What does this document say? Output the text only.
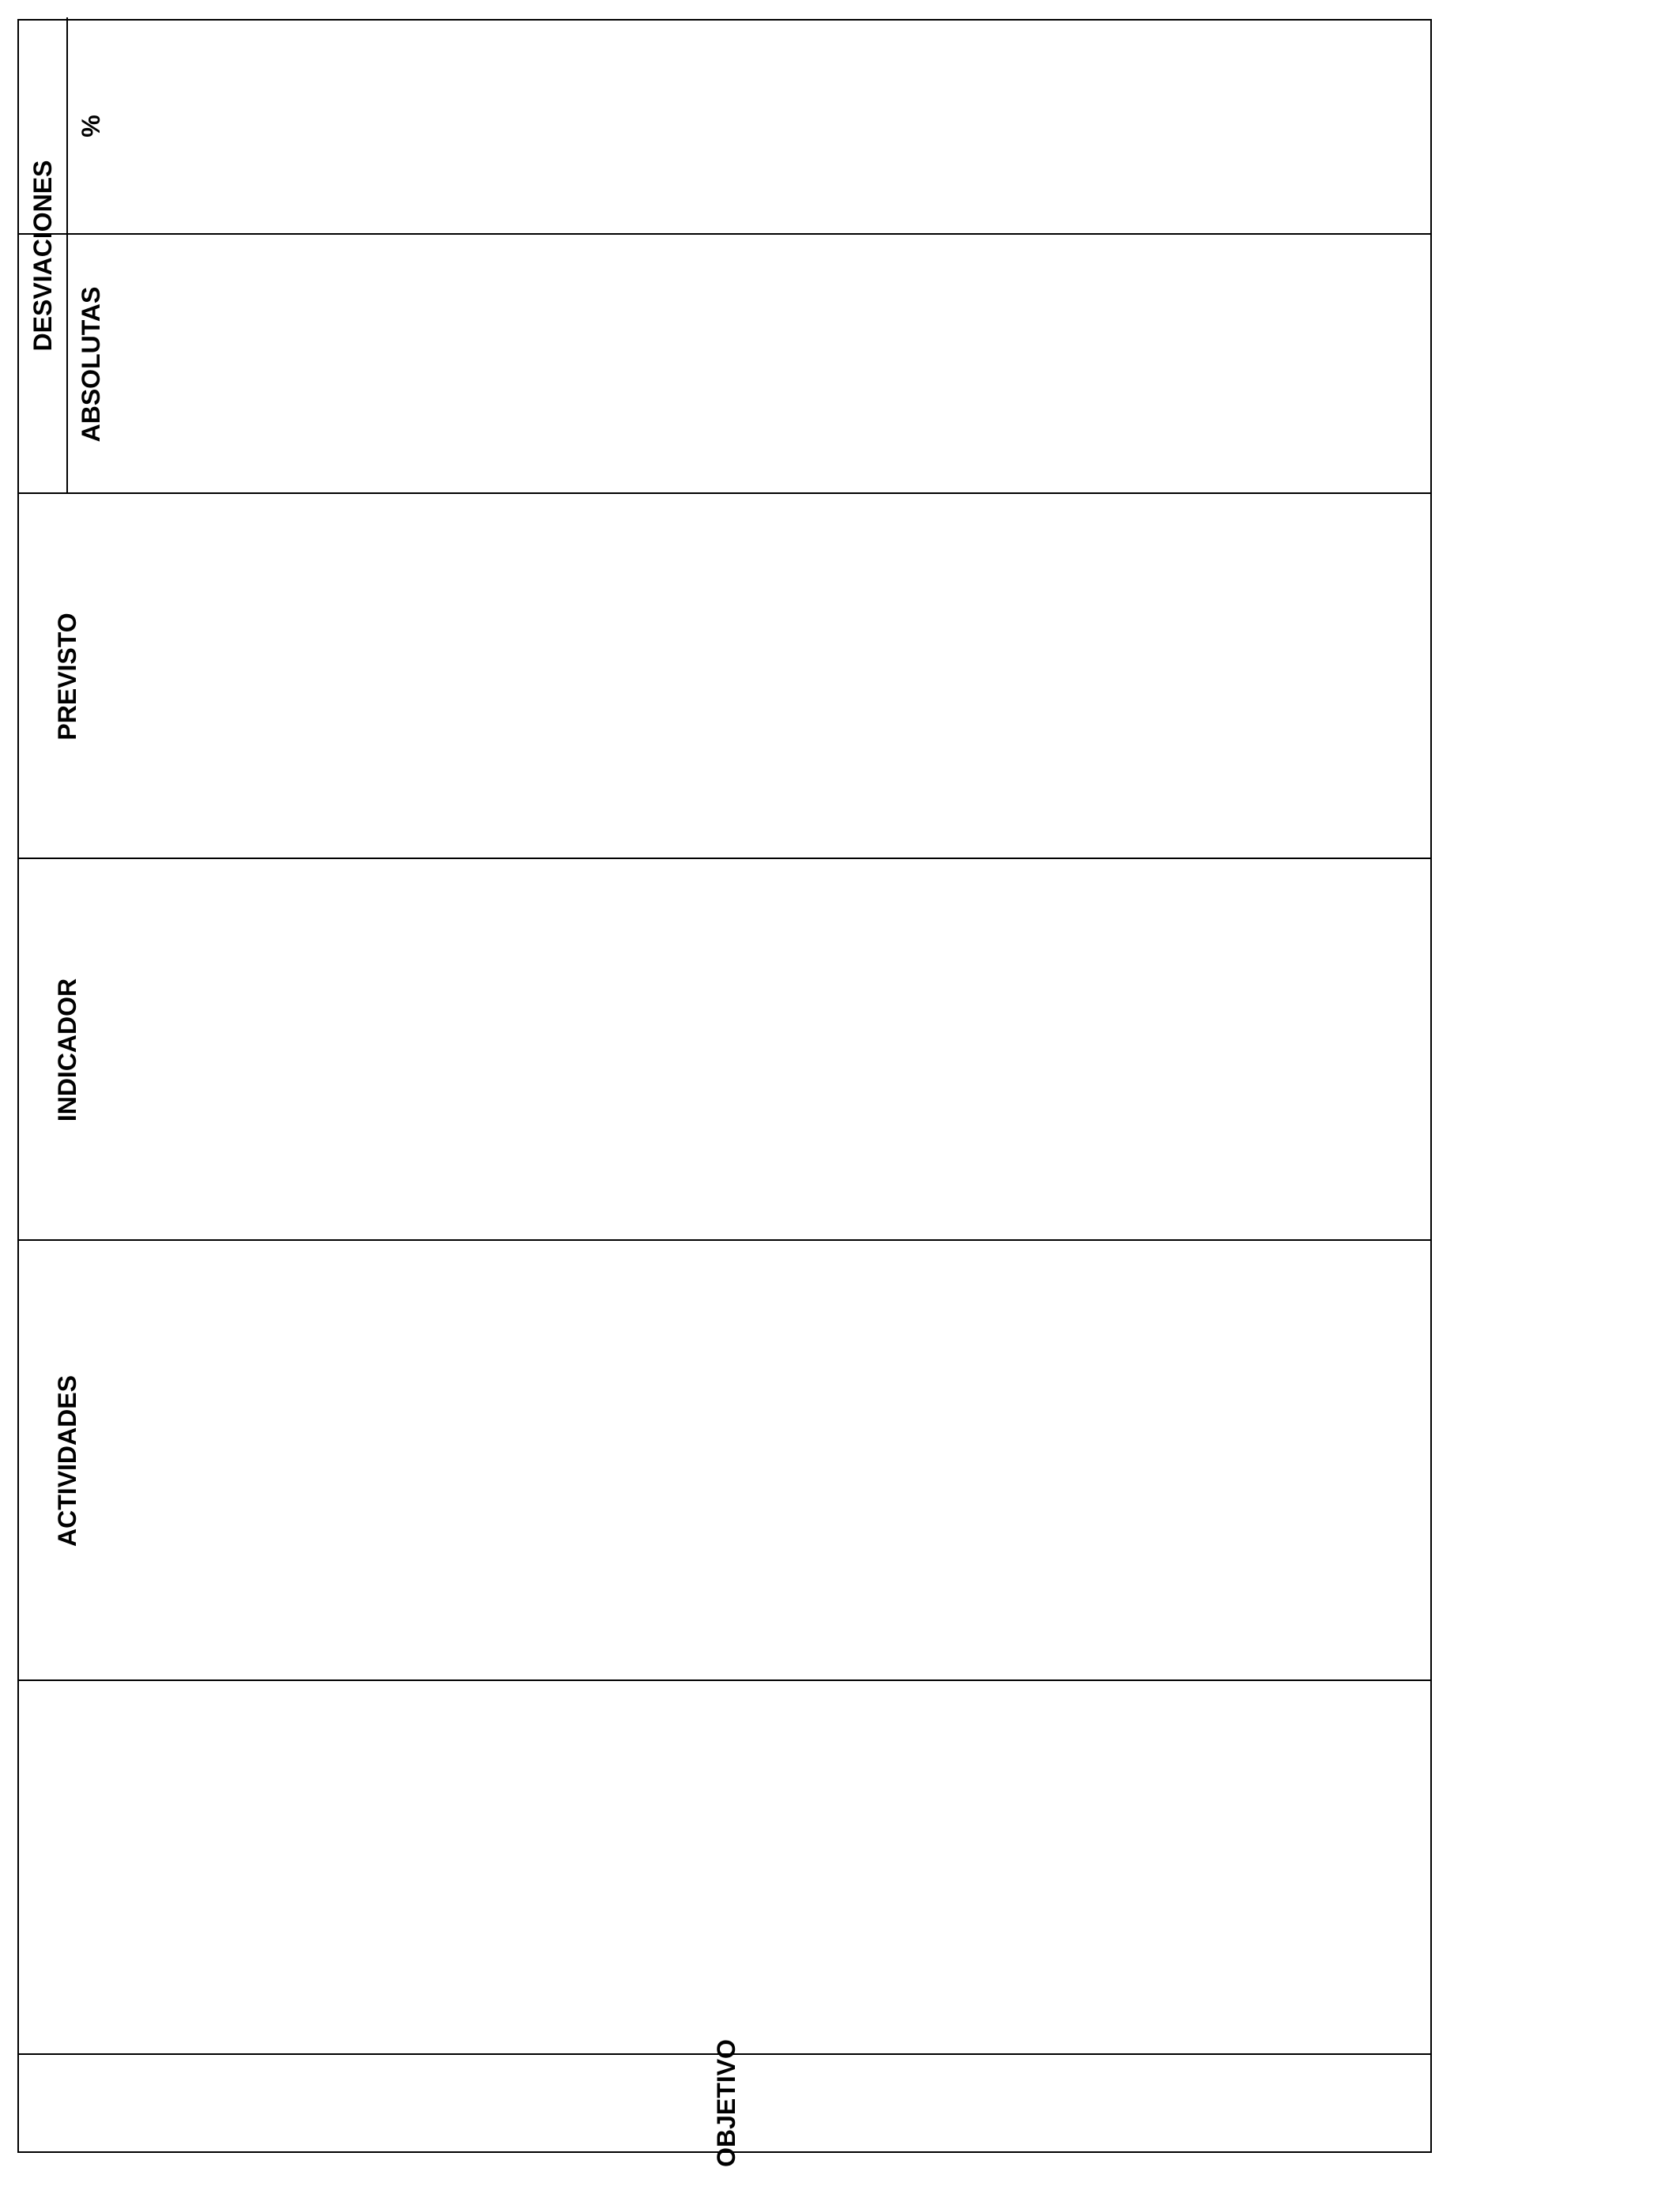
OBJETIVO
ACTIVIDADES
INDICADOR
PREVISTO
DESVIACIONES
ABSOLUTAS
%
